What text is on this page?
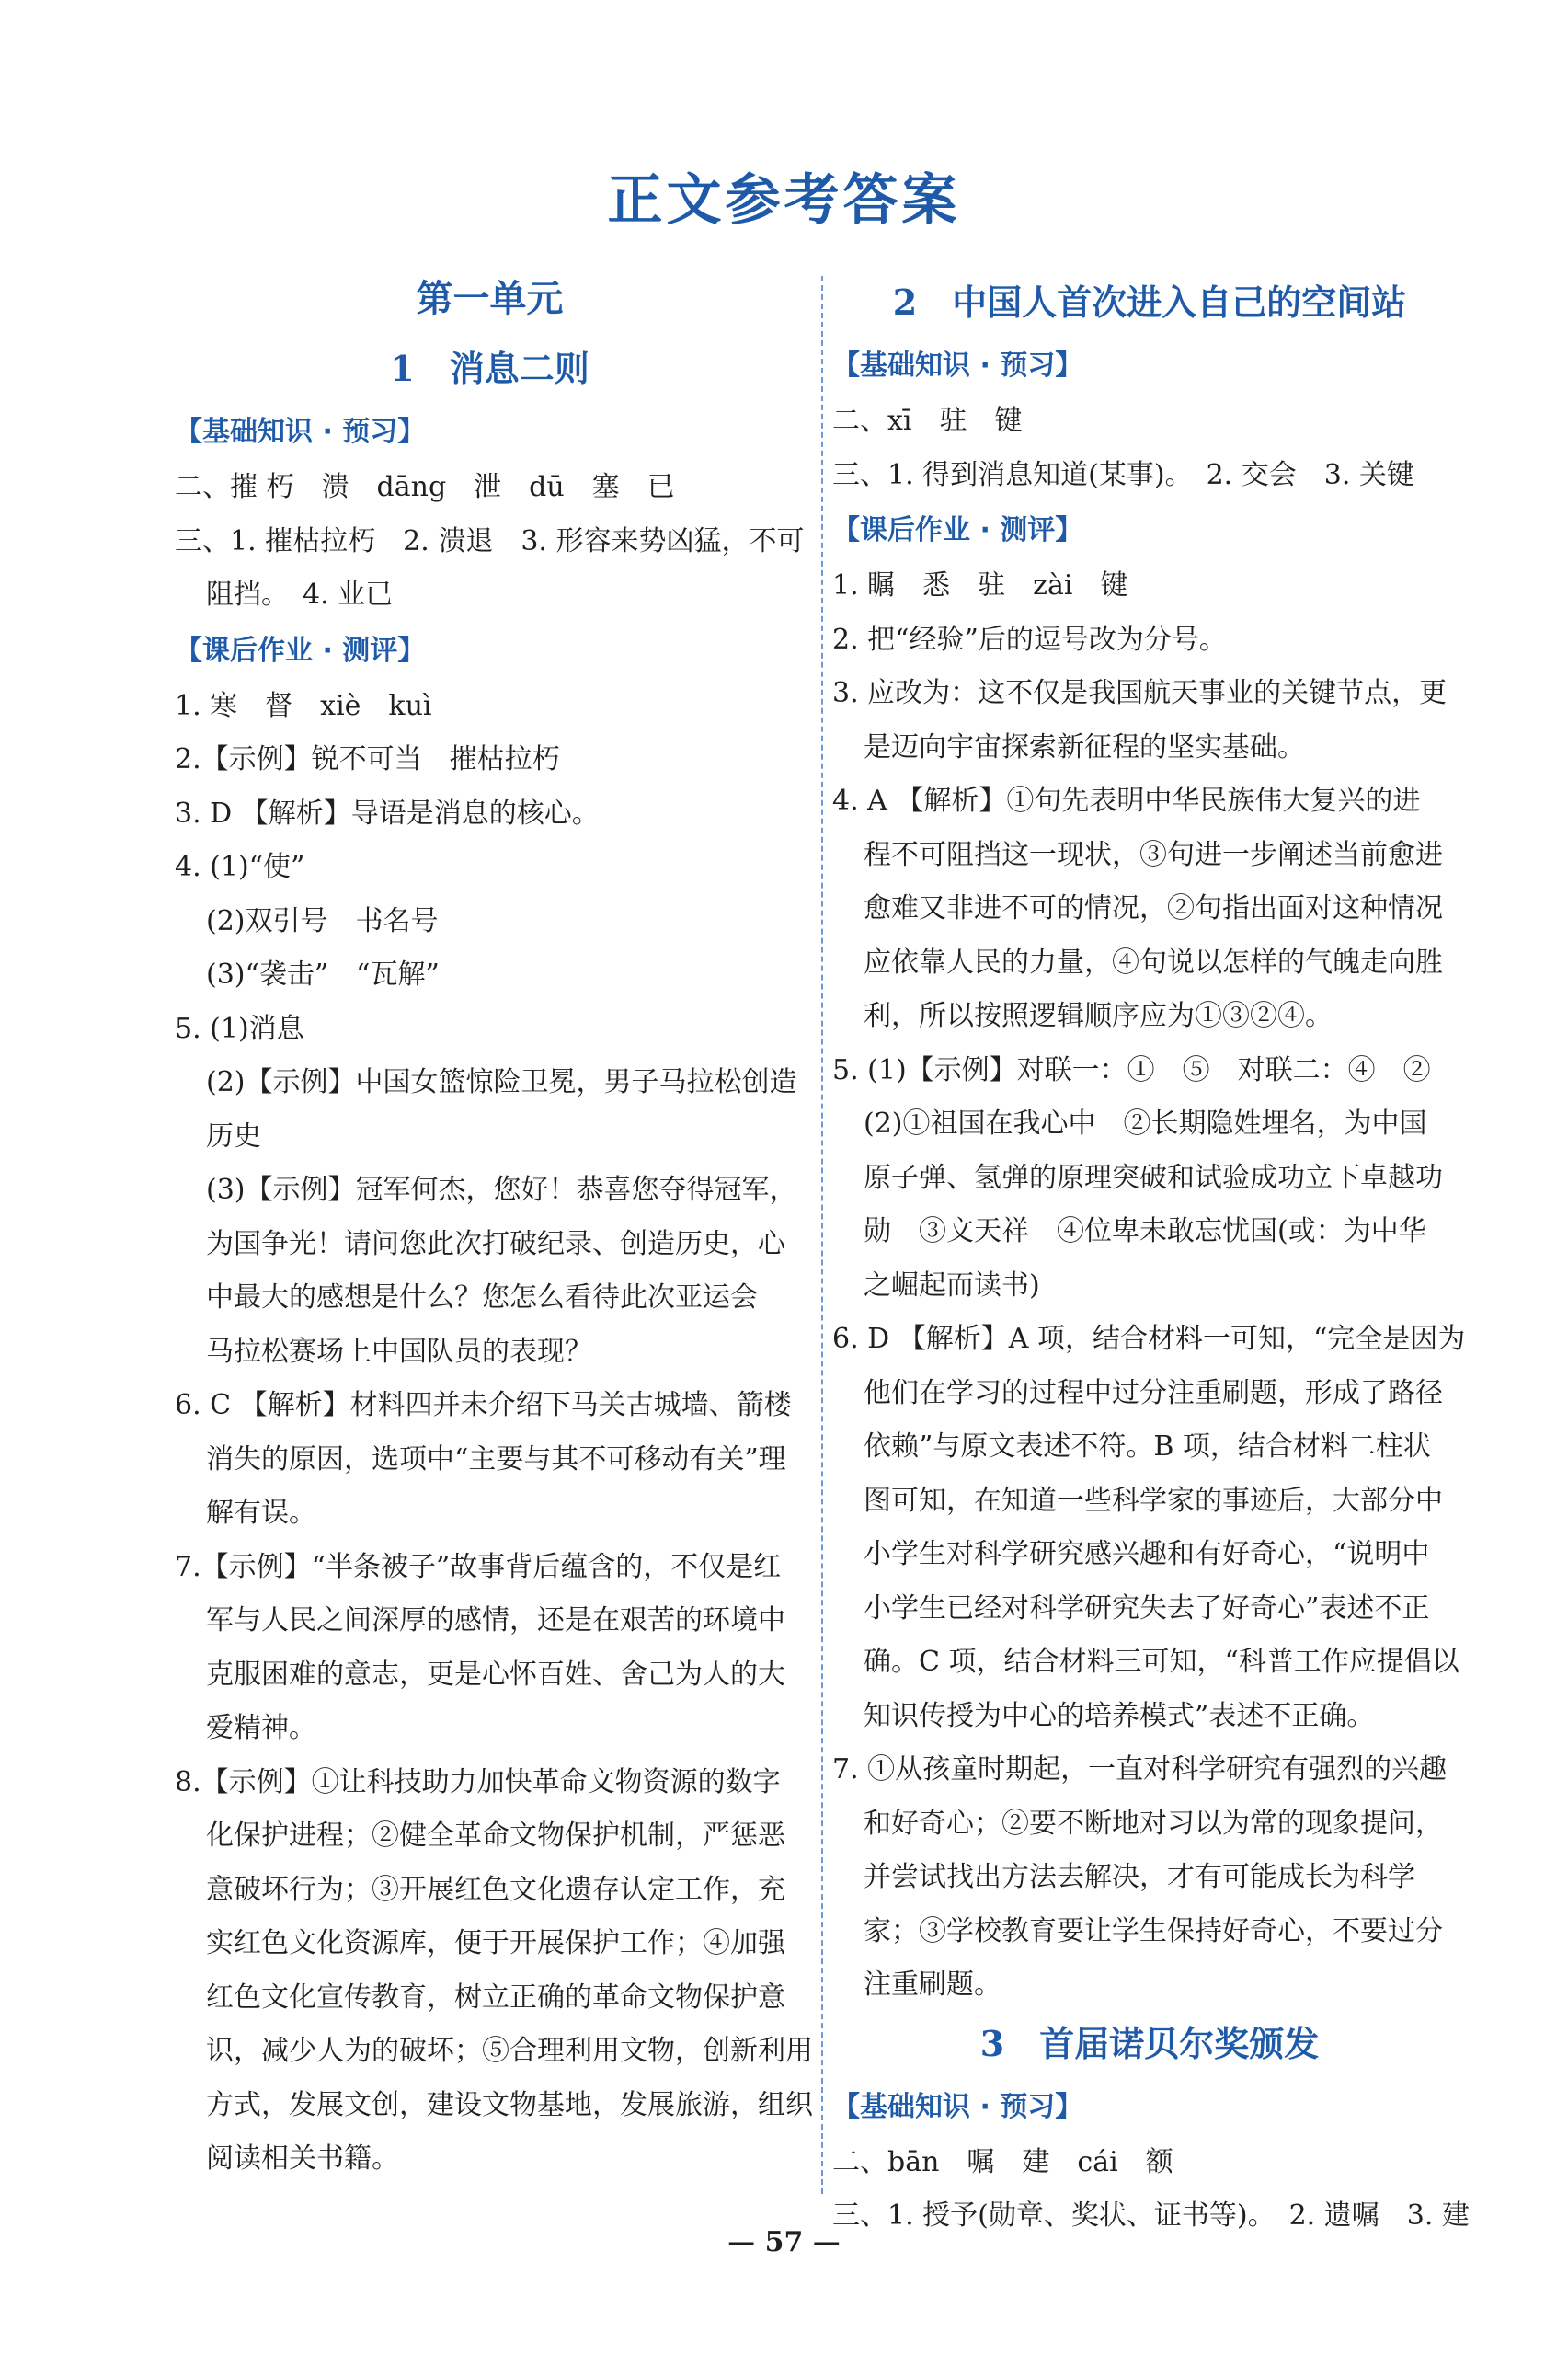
正文参考答案
第一单元
1　消息二则
【基础知识 · 预习】
二、摧 朽　溃　dāng　泄　dū　塞　已
三、1. 摧枯拉朽　2. 溃退　3. 形容来势凶猛，不可
阻挡。　4. 业已
【课后作业 · 测评】
1. 寒　督　xiè　kuì
2.【示例】锐不可当　摧枯拉朽
3. D 【解析】导语是消息的核心。
4. (1)“使”
(2)双引号　书名号
(3)“袭击”　“瓦解”
5. (1)消息
(2)【示例】中国女篮惊险卫冕，男子马拉松创造
历史
(3)【示例】冠军何杰，您好！恭喜您夺得冠军，
为国争光！请问您此次打破纪录、创造历史，心
中最大的感想是什么？您怎么看待此次亚运会
马拉松赛场上中国队员的表现？
6. C 【解析】材料四并未介绍下马关古城墙、箭楼
消失的原因，选项中“主要与其不可移动有关”理
解有误。
7.【示例】“半条被子”故事背后蕴含的，不仅是红
军与人民之间深厚的感情，还是在艰苦的环境中
克服困难的意志，更是心怀百姓、舍己为人的大
爱精神。
8.【示例】①让科技助力加快革命文物资源的数字
化保护进程；②健全革命文物保护机制，严惩恶
意破坏行为；③开展红色文化遗存认定工作，充
实红色文化资源库，便于开展保护工作；④加强
红色文化宣传教育，树立正确的革命文物保护意
识，减少人为的破坏；⑤合理利用文物，创新利用
方式，发展文创，建设文物基地，发展旅游，组织
阅读相关书籍。
2　中国人首次进入自己的空间站
【基础知识 · 预习】
二、xī　驻　键
三、1. 得到消息知道(某事)。　2. 交会　3. 关键
【课后作业 · 测评】
1. 瞩　悉　驻　zài　键
2. 把“经验”后的逗号改为分号。
3. 应改为：这不仅是我国航天事业的关键节点，更
是迈向宇宙探索新征程的坚实基础。
4. A 【解析】①句先表明中华民族伟大复兴的进
程不可阻挡这一现状，③句进一步阐述当前愈进
愈难又非进不可的情况，②句指出面对这种情况
应依靠人民的力量，④句说以怎样的气魄走向胜
利，所以按照逻辑顺序应为①③②④。
5. (1)【示例】对联一：①　⑤　对联二：④　②
(2)①祖国在我心中　②长期隐姓埋名，为中国
原子弹、氢弹的原理突破和试验成功立下卓越功
勋　③文天祥　④位卑未敢忘忧国(或：为中华
之崛起而读书)
6. D 【解析】A 项，结合材料一可知，“完全是因为
他们在学习的过程中过分注重刷题，形成了路径
依赖”与原文表述不符。B 项，结合材料二柱状
图可知，在知道一些科学家的事迹后，大部分中
小学生对科学研究感兴趣和有好奇心，“说明中
小学生已经对科学研究失去了好奇心”表述不正
确。C 项，结合材料三可知，“科普工作应提倡以
知识传授为中心的培养模式”表述不正确。
7. ①从孩童时期起，一直对科学研究有强烈的兴趣
和好奇心；②要不断地对习以为常的现象提问，
并尝试找出方法去解决，才有可能成长为科学
家；③学校教育要让学生保持好奇心，不要过分
注重刷题。
3　首届诺贝尔奖颁发
【基础知识 · 预习】
二、bān　嘱　建　cái　额
三、1. 授予(勋章、奖状、证书等)。　2. 遗嘱　3. 建
— 57 —
